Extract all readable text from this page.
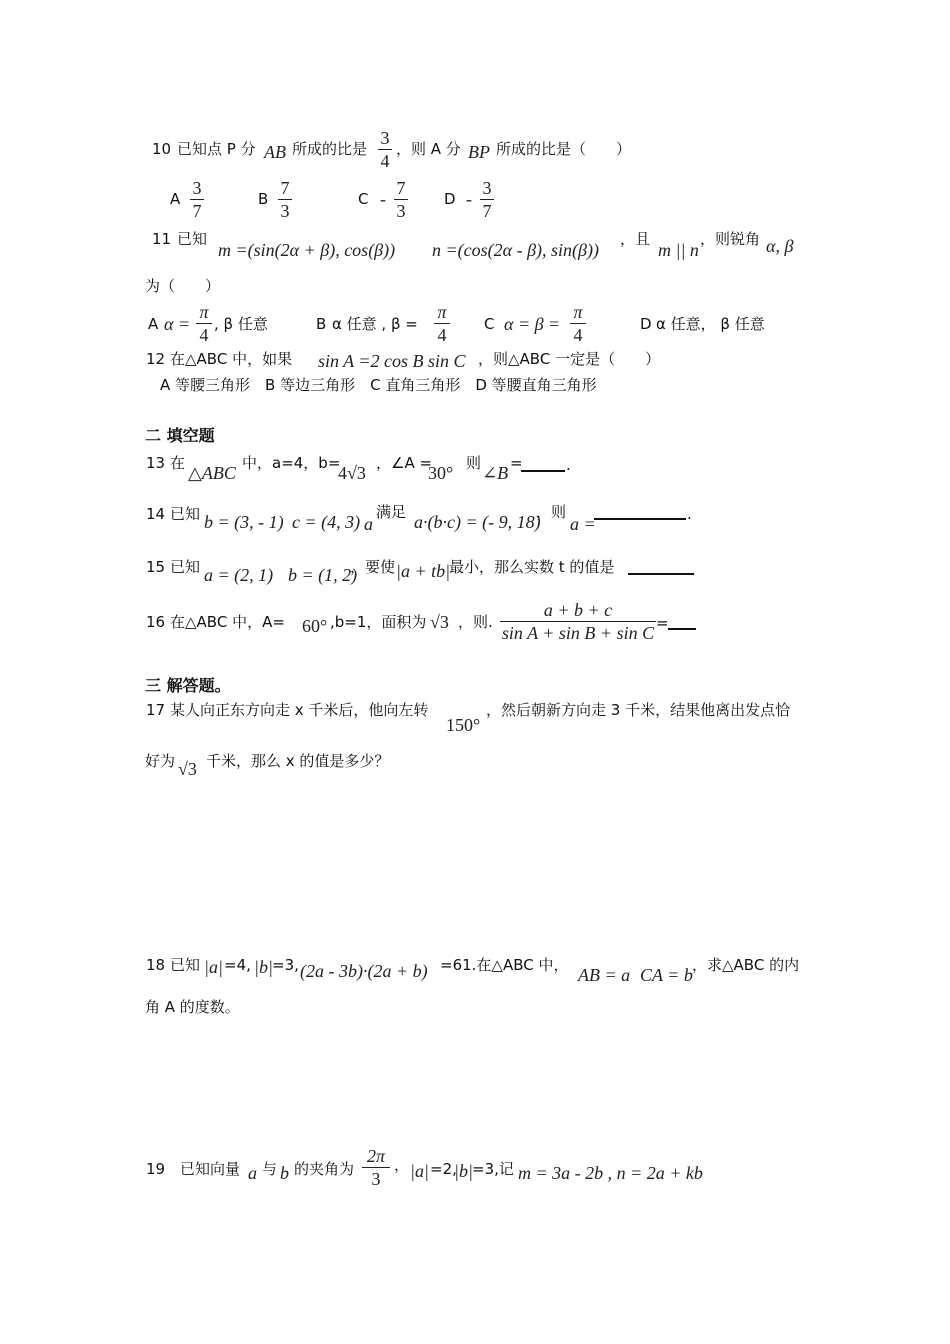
10 已知点 P 分 AB 所成的比是
3
4
，则 A 分 BP 所成的比是（　　）
A
3
7
B
7
3
C -
7
3
D -
3
7
11 已知
m =(sin(2α + β), cos(β)) n =(cos(2α - β), sin(β))
，且
m || n
，则锐角 α, β
为（　　）
A α =
π
4
, β 任意	B α 任意 , β =
π
4
C α = β =
π
4
D α 任意， β 任意
12 在△ABC 中，如果 sin A =2 cos B sin C ，则△ABC 一定是（　　）
A 等腰三角形　B 等边三角形　C 直角三角形　D 等腰直角三角形
二 填空题
13 在 △ABC 中，a=4，b=
4√3 ，∠A =
30° 则 ∠B =	.
14 已知 b = (3, - 1) c = (4, 3) a
满足 a·(b·c) = (- 9, 18)
，则
a =	.
15 已知 a = (2, 1) b = (1, 2)
，要使 |a + tb|
最小，那么实数 t 的值是
16 在△ABC 中，A= 60° ,b=1，面积为 √3 ，则.
a + b + c
sin A + sin B + sin C =
三 解答题。
17 某人向正东方向走 x 千米后，他向左转
150°
，然后朝新方向走 3 千米，结果他离出发点恰
好为 √3 千米，那么 x 的值是多少？
18 已知 |a| =4, |b| =3, (2a - 3b)·(2a + b) =61.在△ABC 中， AB = a CA = b ，求△ABC 的内
角 A 的度数。
19 已知向量 a 与 b 的夹角为
2π
3
， |a| =2,
|b| =3,记 m = 3a - 2b , n = 2a + kb
